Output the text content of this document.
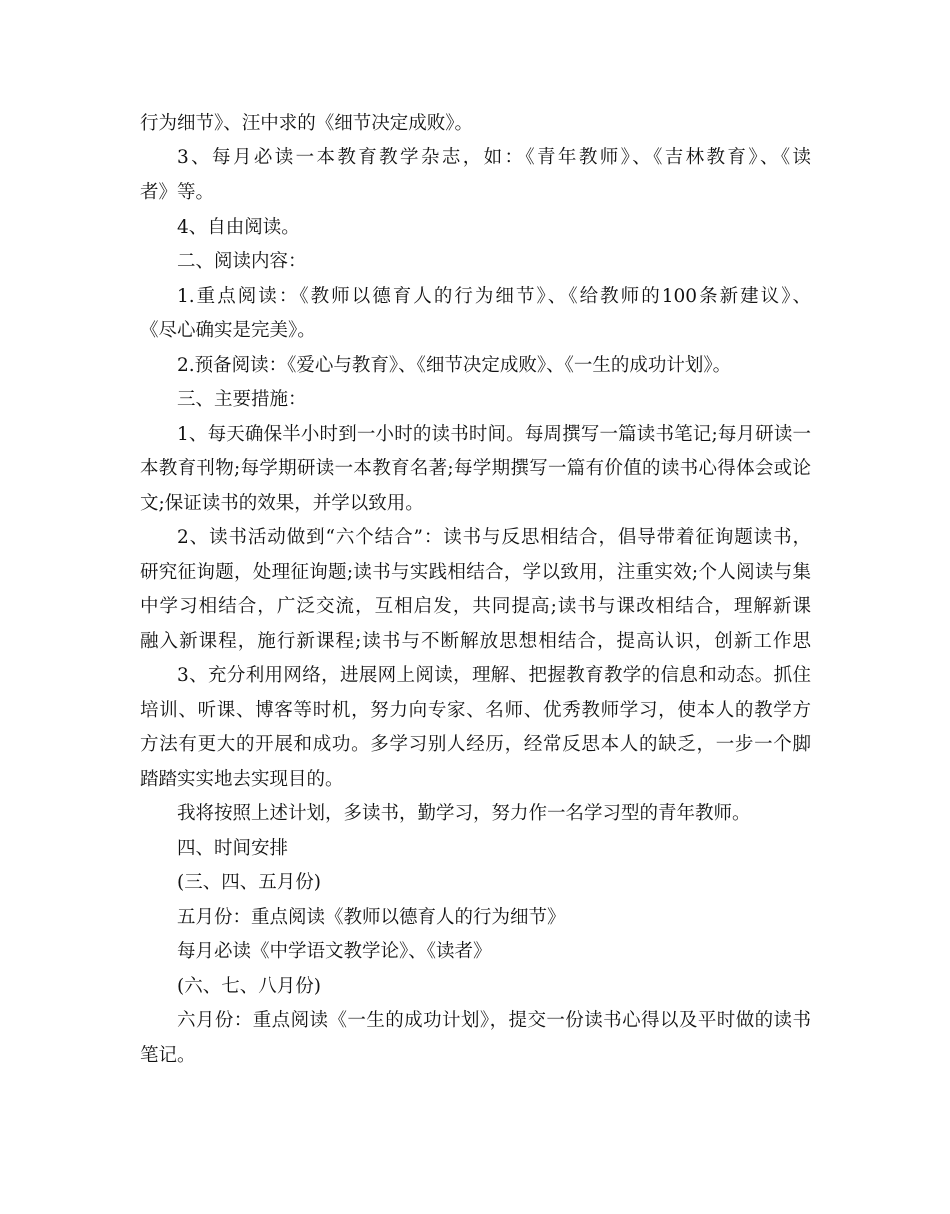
行为细节》、汪中求的《细节决定成败》。
3、每月必读一本教育教学杂志，如：《青年教师》、《吉林教育》、《读
者》等。
4、自由阅读。
二、阅读内容：
1.重点阅读：《教师以德育人的行为细节》、《给教师的100条新建议》、
《尽心确实是完美》。
2.预备阅读：《爱心与教育》、《细节决定成败》、《一生的成功计划》。
三、主要措施：
1、每天确保半小时到一小时的读书时间。每周撰写一篇读书笔记;每月研读一
本教育刊物;每学期研读一本教育名著;每学期撰写一篇有价值的读书心得体会或论
文;保证读书的效果，并学以致用。
2、读书活动做到“六个结合”：读书与反思相结合，倡导带着征询题读书，
研究征询题，处理征询题;读书与实践相结合，学以致用，注重实效;个人阅读与集
中学习相结合，广泛交流，互相启发，共同提高;读书与课改相结合，理解新课
融入新课程，施行新课程;读书与不断解放思想相结合，提高认识，创新工作思
3、充分利用网络，进展网上阅读，理解、把握教育教学的信息和动态。抓住
培训、听课、博客等时机，努力向专家、名师、优秀教师学习，使本人的教学方
方法有更大的开展和成功。多学习别人经历，经常反思本人的缺乏，一步一个脚
踏踏实实地去实现目的。
我将按照上述计划，多读书，勤学习，努力作一名学习型的青年教师。
四、时间安排
(三、四、五月份)
五月份：重点阅读《教师以德育人的行为细节》
每月必读《中学语文教学论》、《读者》
(六、七、八月份)
六月份：重点阅读《一生的成功计划》，提交一份读书心得以及平时做的读书
笔记。
